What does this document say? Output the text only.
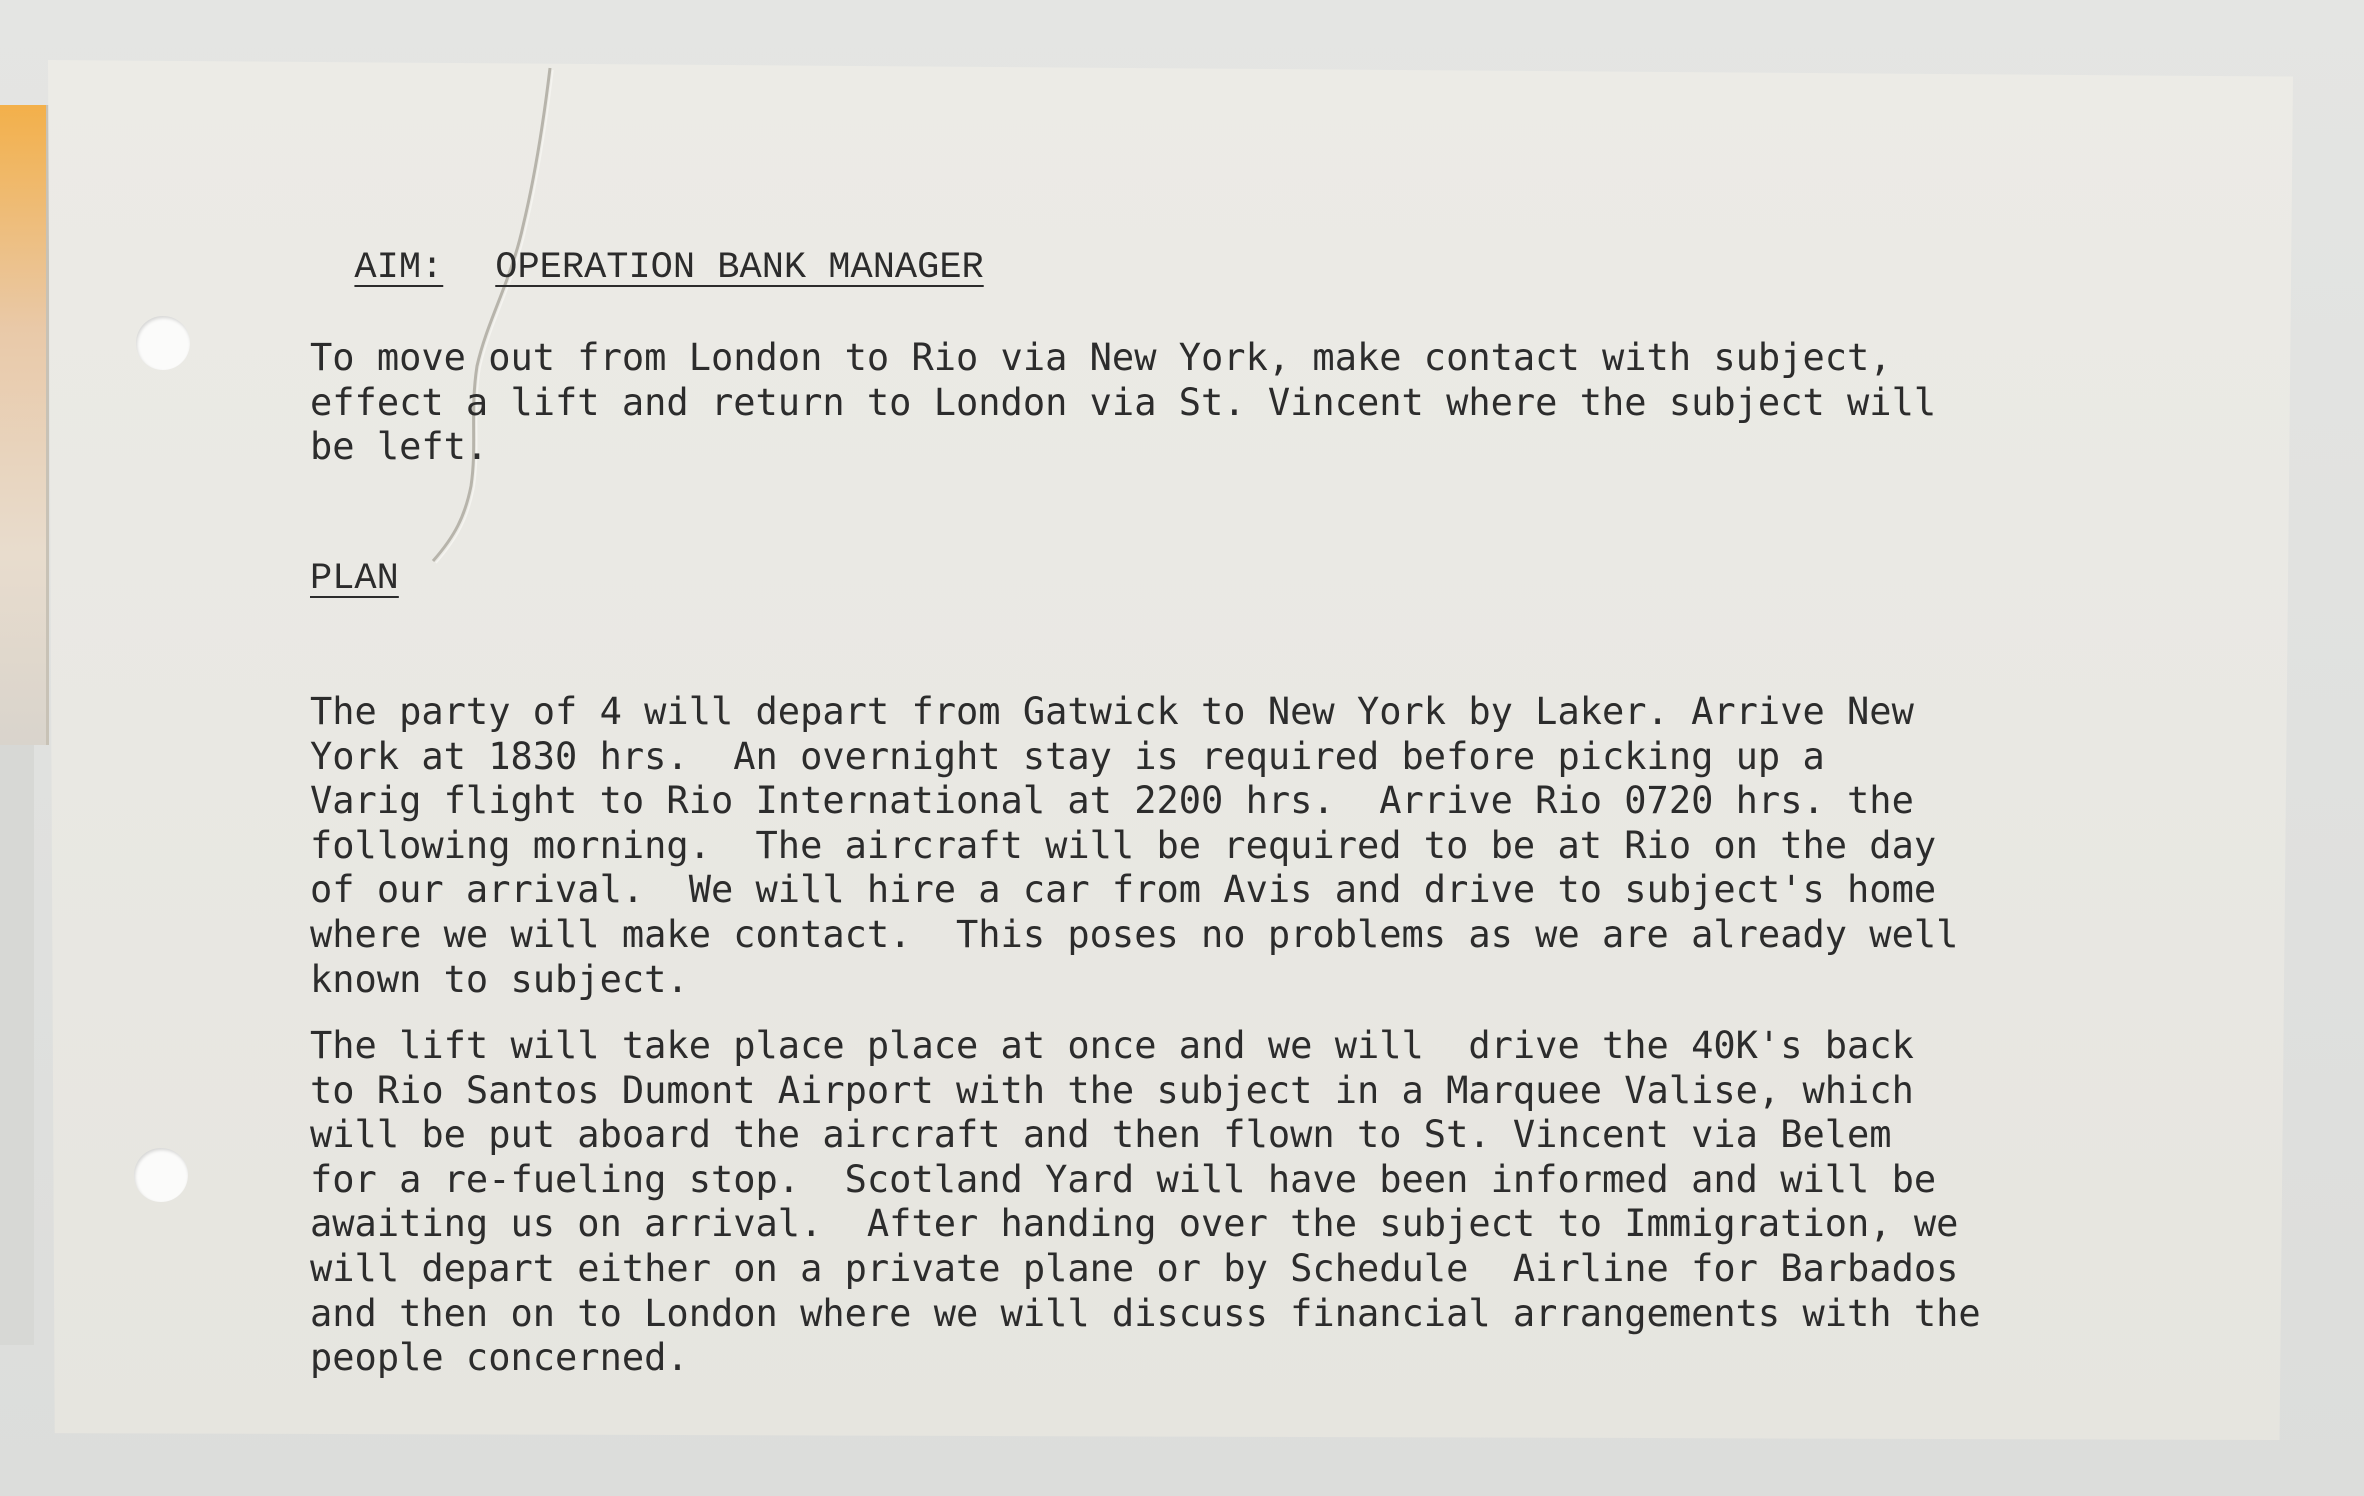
AIM: OPERATION BANK MANAGER

To move out from London to Rio via New York, make contact with subject,
effect a lift and return to London via St. Vincent where the subject will
be left.
PLAN
The party of 4 will depart from Gatwick to New York by Laker. Arrive New
York at 1830 hrs.  An overnight stay is required before picking up a
Varig flight to Rio International at 2200 hrs.  Arrive Rio 0720 hrs. the
following morning.  The aircraft will be required to be at Rio on the day
of our arrival.  We will hire a car from Avis and drive to subject's home
where we will make contact.  This poses no problems as we are already well
known to subject.
The lift will take place place at once and we will  drive the 40K's back
to Rio Santos Dumont Airport with the subject in a Marquee Valise, which
will be put aboard the aircraft and then flown to St. Vincent via Belem
for a re-fueling stop.  Scotland Yard will have been informed and will be
awaiting us on arrival.  After handing over the subject to Immigration, we
will depart either on a private plane or by Schedule  Airline for Barbados
and then on to London where we will discuss financial arrangements with the
people concerned.
